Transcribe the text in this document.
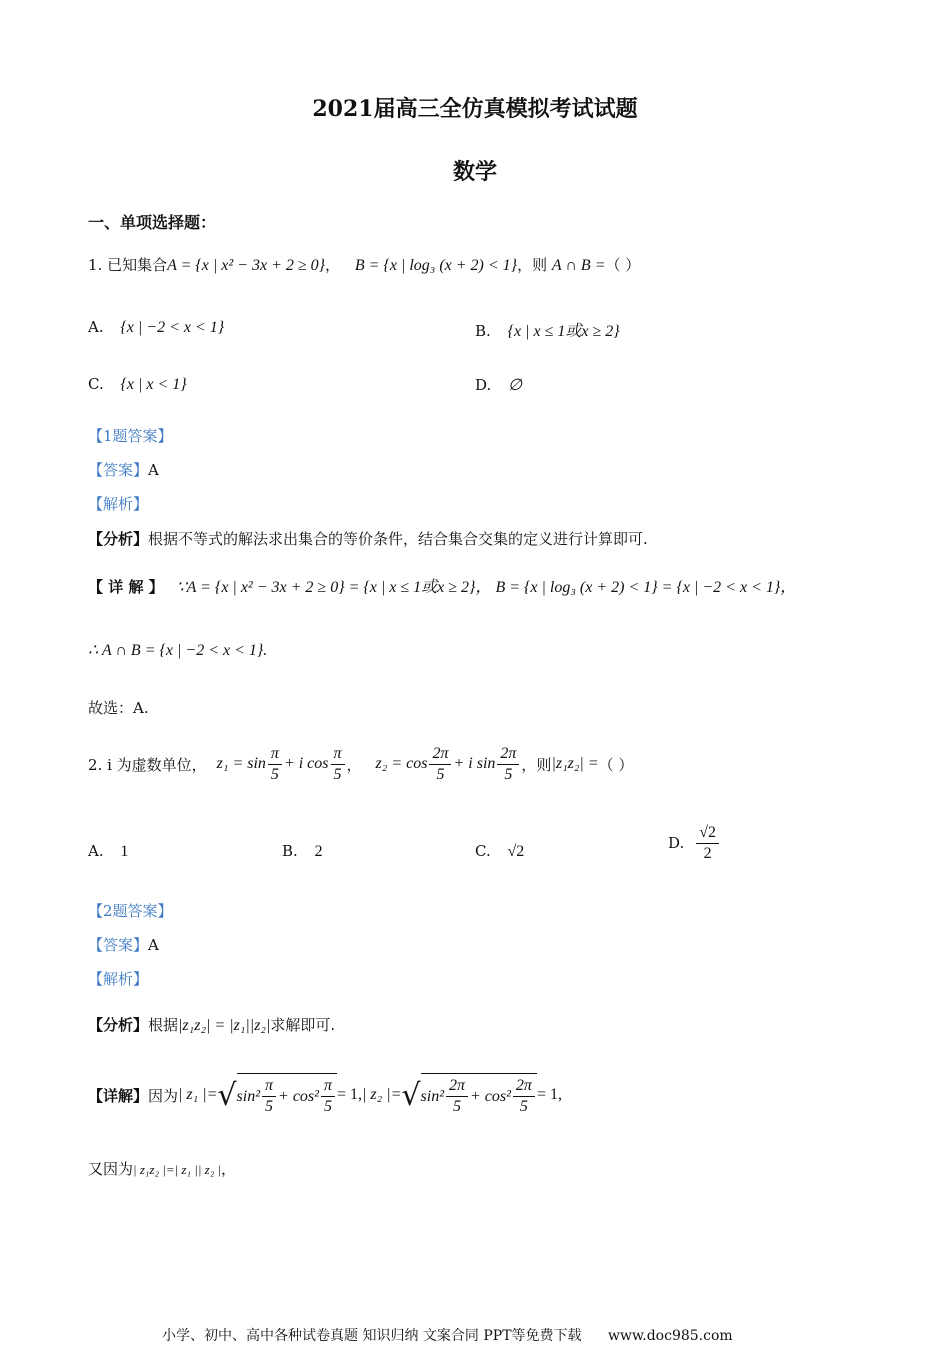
2021届高三全仿真模拟考试试题
数学
一、单项选择题：
1. 已知集合A = {x | x² − 3x + 2 ≥ 0}， B = {x | log₃ (x + 2) < 1}，则 A ∩ B =（ ）
A. {x | −2 < x < 1}	B. {x | x ≤ 1或x ≥ 2}
C. {x | x < 1}	D. ∅
【1题答案】
【答案】A
【解析】
【分析】根据不等式的解法求出集合的等价条件，结合集合交集的定义进行计算即可.
【 详 解 】 ∵A = {x | x² − 3x + 2 ≥ 0} = {x | x ≤ 1或x ≥ 2}， B = {x | log₃ (x + 2) < 1} = {x | −2 < x < 1}，
∴ A ∩ B = {x | −2 < x < 1}.
故选：A.
2. i 为虚数单位， $z_1 = \sin \frac{\pi}{5} + i$ $\cos \frac{\pi}{5}$ ， $z_2 = \cos \frac{2\pi}{5} + i$ $\sin \frac{2\pi}{5}$ ，则 |z₁z₂| = （ ）
A. 1	B. 2	C. √2	D. $\frac{√2}{2}$
【2题答案】
【答案】A
【解析】
【分析】根据|z₁z₂| = |z₁||z₂|求解即可.
【详解】 因为 | z₁ |= √ $\sin^2 \frac{\pi}{5} + \cos^2 \frac{\pi}{5} = 1$, | z₂ |= √ $\sin^2 \frac{2\pi}{5} + \cos^2 \frac{2\pi}{5} = 1$,
又因为| z₁z₂ |=| z₁ || z₂ |，
小学、初中、高中各种试卷真题 知识归纳 文案合同 PPT等免费下载 www.doc985.com
